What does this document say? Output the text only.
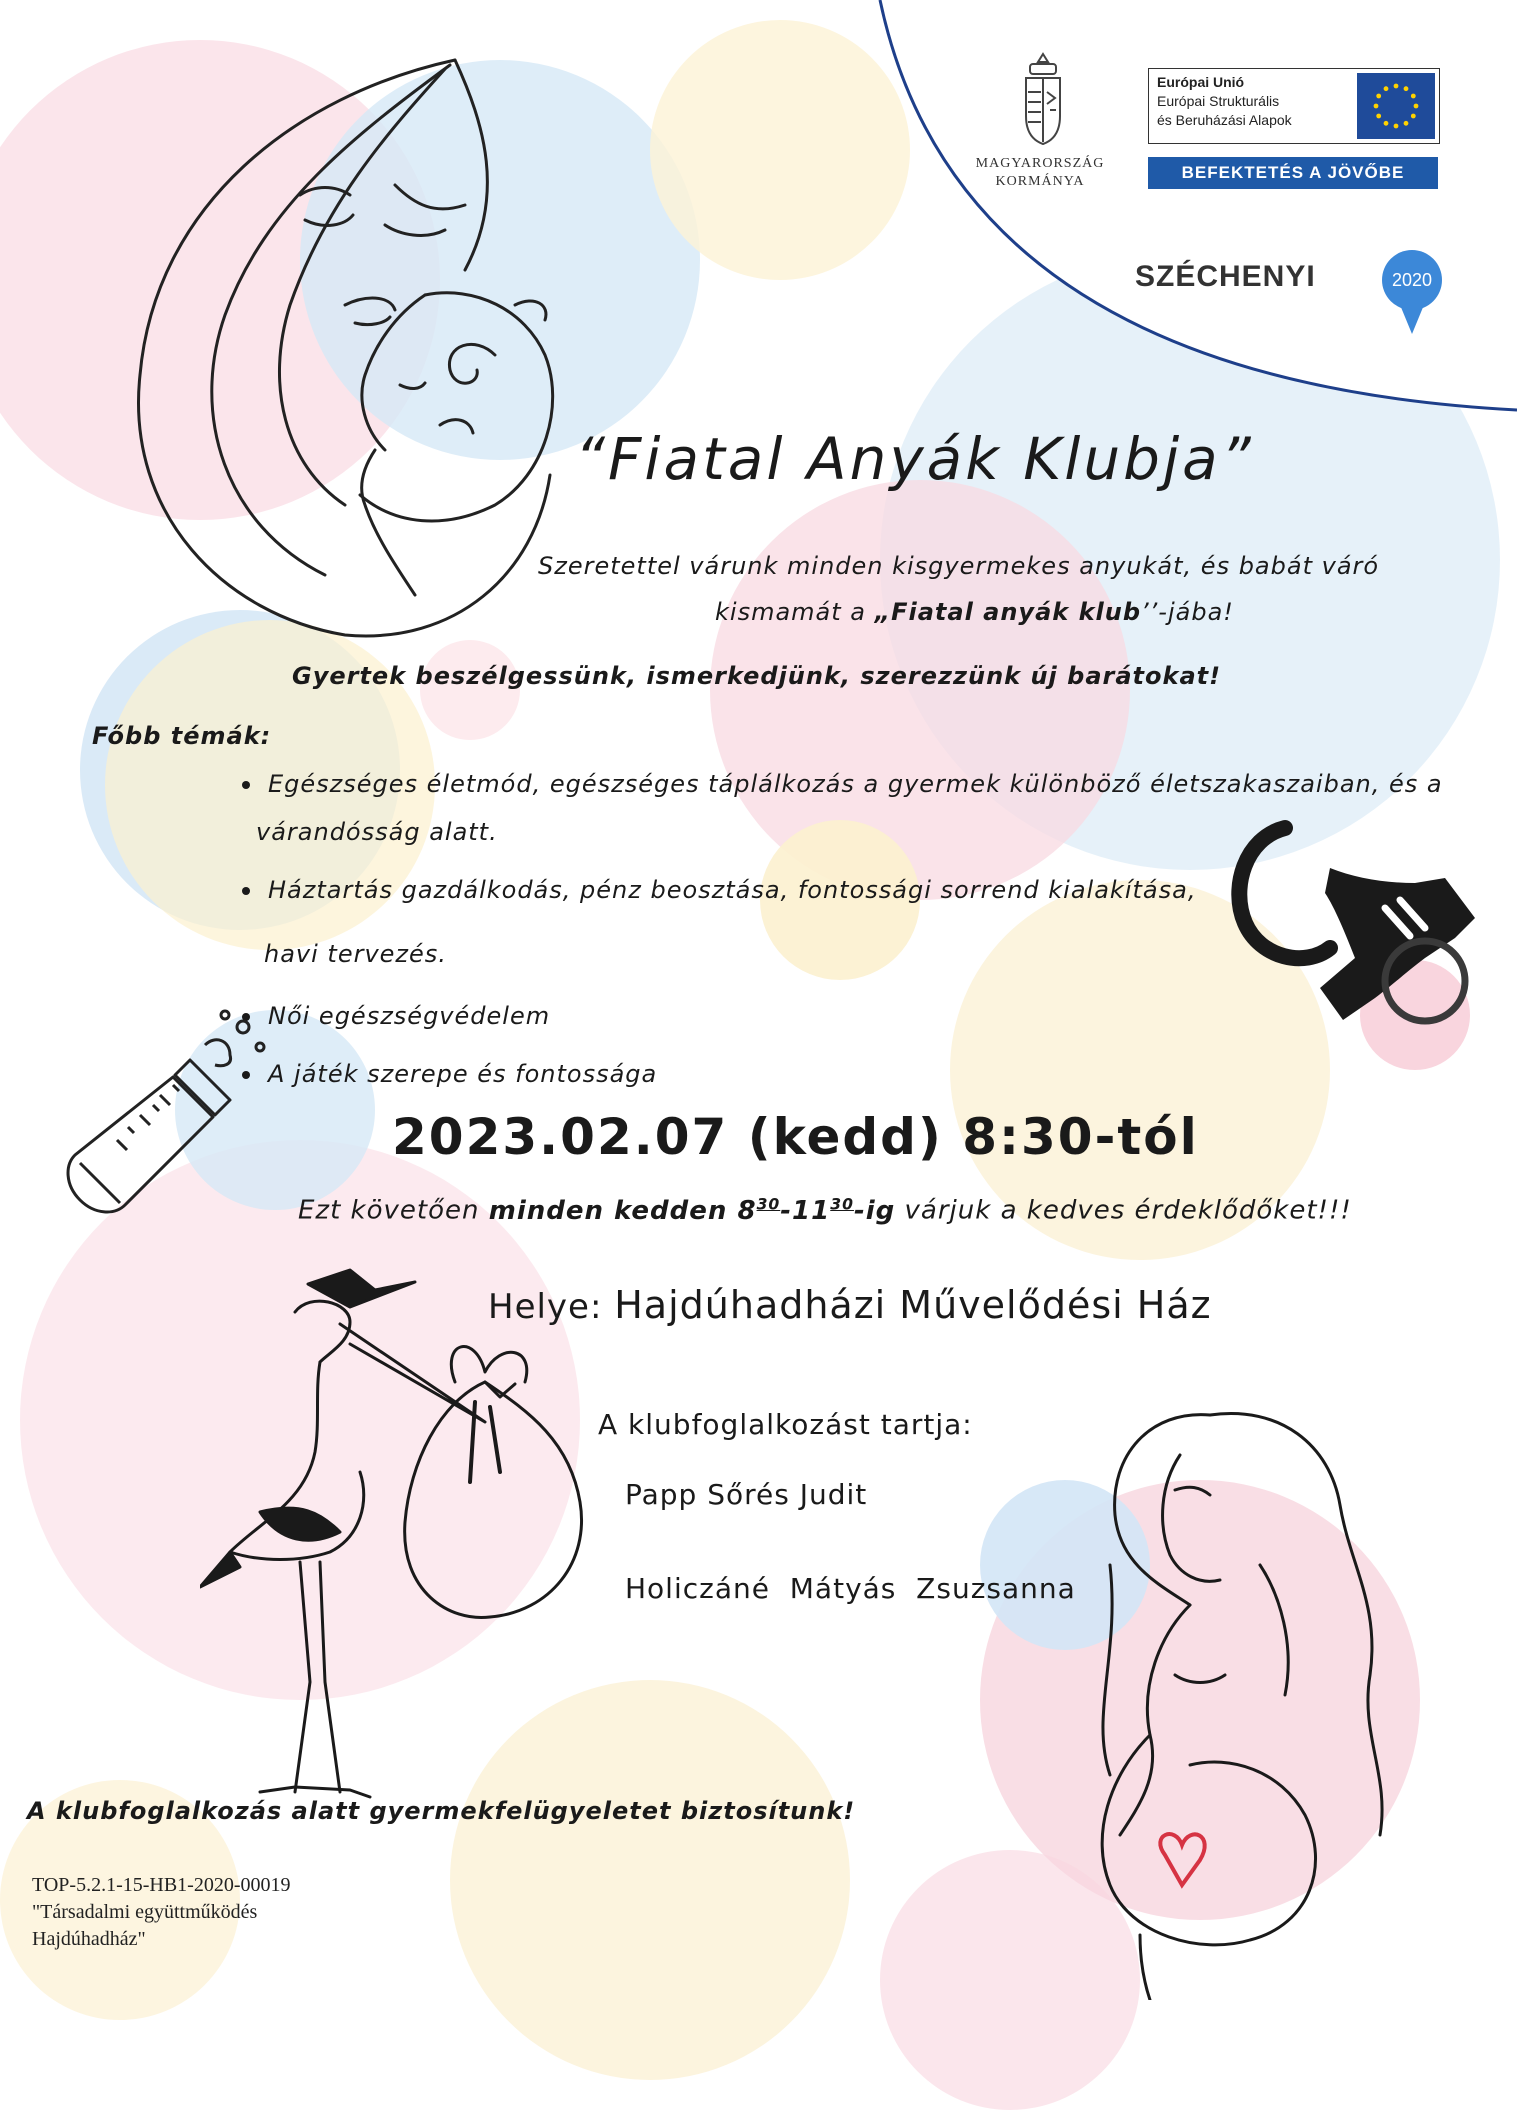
MAGYARORSZÁG
KORMÁNYA
Európai Unió
Európai Strukturális
és Beruházási Alapok
BEFEKTETÉS A JÖVŐBE
SZÉCHENYI	2020
“Fiatal Anyák Klubja”
Szeretettel várunk minden kisgyermekes anyukát, és babát váró
kismamát a „Fiatal anyák klub’’-jába!
Gyertek beszélgessünk, ismerkedjünk, szerezzünk új barátokat!
Főbb témák:
Egészséges életmód, egészséges táplálkozás a gyermek különböző életszakaszaiban, és a
várandósság alatt.
Háztartás gazdálkodás, pénz beosztása, fontossági sorrend kialakítása,
havi tervezés.
Női egészségvédelem
A játék szerepe és fontossága
2023.02.07 (kedd) 8:30-tól
Ezt követően minden kedden $8^{30}-11^{30}-ig$ várjuk a kedves érdeklődőket!!!
Helye: Hajdúhadházi Művelődési Ház
A klubfoglalkozást tartja:
Papp Sőrés Judit
Holiczáné  Mátyás  Zsuzsanna
A klubfoglalkozás alatt gyermekfelügyeletet biztosítunk!
TOP-5.2.1-15-HB1-2020-00019
"Társadalmi együttműködés
Hajdúhadház"
